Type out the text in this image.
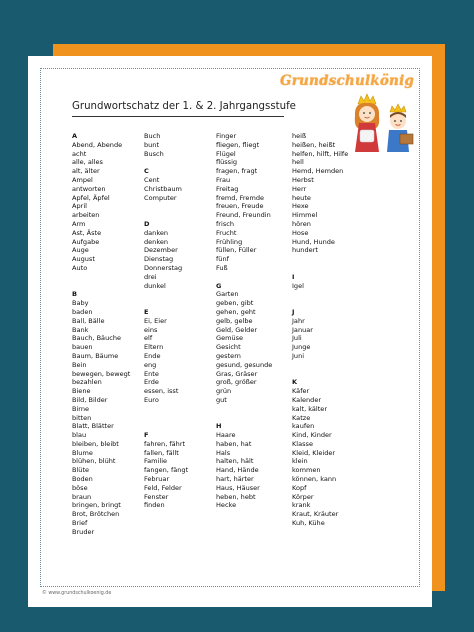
Grundschulkönig
Grundwortschatz der 1. & 2. Jahrgangsstufe
A
Abend, Abende
acht
alle, alles
alt, älter
Ampel
antworten
Apfel, Äpfel
April
arbeiten
Arm
Ast, Äste
Aufgabe
Auge
August
Auto
B
Baby
baden
Ball, Bälle
Bank
Bauch, Bäuche
bauen
Baum, Bäume
Bein
bewegen, bewegt
bezahlen
Biene
Bild, Bilder
Birne
bitten
Blatt, Blätter
blau
bleiben, bleibt
Blume
blühen, blüht
Blüte
Boden
böse
braun
bringen, bringt
Brot, Brötchen
Brief
Bruder
Buch
bunt
Busch
C
Cent
Christbaum
Computer
D
danken
denken
Dezember
Dienstag
Donnerstag
drei
dunkel
E
Ei, Eier
eins
elf
Eltern
Ende
eng
Ente
Erde
essen, isst
Euro
F
fahren, fährt
fallen, fällt
Familie
fangen, fängt
Februar
Feld, Felder
Fenster
finden
Finger
fliegen, fliegt
Flügel
flüssig
fragen, fragt
Frau
Freitag
fremd, Fremde
freuen, Freude
Freund, Freundin
frisch
Frucht
Frühling
füllen, Füller
fünf
Fuß
G
Garten
geben, gibt
gehen, geht
gelb, gelbe
Geld, Gelder
Gemüse
Gesicht
gestern
gesund, gesunde
Gras, Gräser
groß, größer
grün
gut
H
Haare
haben, hat
Hals
halten, hält
Hand, Hände
hart, härter
Haus, Häuser
heben, hebt
Hecke
heiß
heißen, heißt
helfen, hilft, Hilfe
hell
Hemd, Hemden
Herbst
Herr
heute
Hexe
Himmel
hören
Hose
Hund, Hunde
hundert
I
Igel
J
Jahr
Januar
Juli
Junge
Juni
K
Käfer
Kalender
kalt, kälter
Katze
kaufen
Kind, Kinder
Klasse
Kleid, Kleider
klein
kommen
können, kann
Kopf
Körper
krank
Kraut, Kräuter
Kuh, Kühe
© www.grundschulkoenig.de
